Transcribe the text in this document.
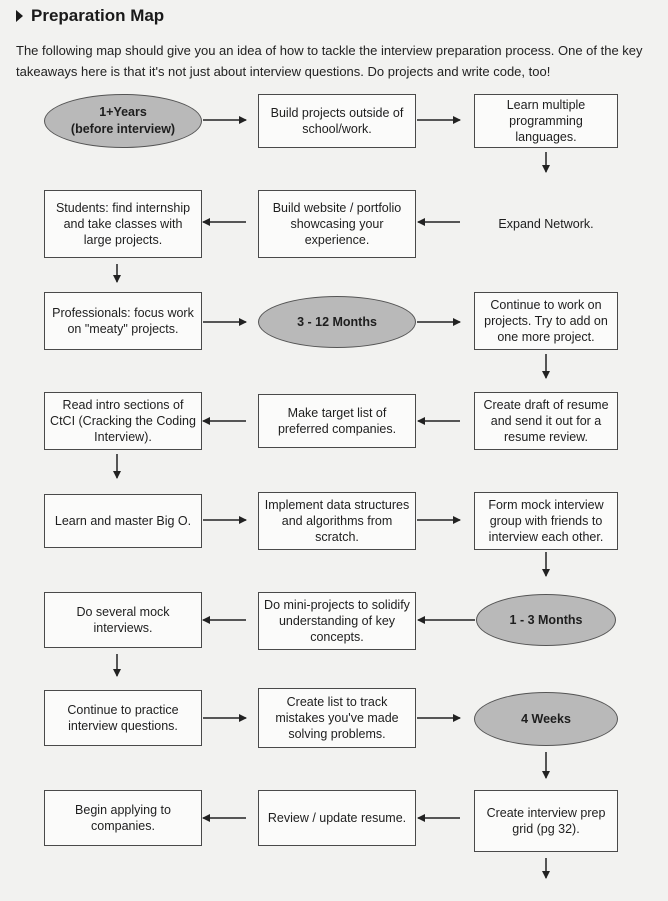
Preparation Map
The following map should give you an idea of how to tackle the interview preparation process. One of the key takeaways here is that it's not just about interview questions. Do projects and write code, too!
1+Years
(before interview)
Build projects outside of school/work.
Learn multiple programming languages.
Students: find internship and take classes with large projects.
Build website / portfolio showcasing your experience.
Expand Network.
Professionals: focus work on "meaty" projects.
3 - 12 Months
Continue to work on projects. Try to add on one more project.
Read intro sections of CtCI (Cracking the Coding Interview).
Make target list of preferred companies.
Create draft of resume and send it out for a resume review.
Learn and master Big O.
Implement data structures and algorithms from scratch.
Form mock interview group with friends to interview each other.
Do several mock interviews.
Do mini-projects to solidify understanding of key concepts.
1 - 3 Months
Continue to practice interview questions.
Create list to track mistakes you've made solving problems.
4 Weeks
Begin applying to companies.
Review / update resume.	Create interview prep grid (pg 32).
